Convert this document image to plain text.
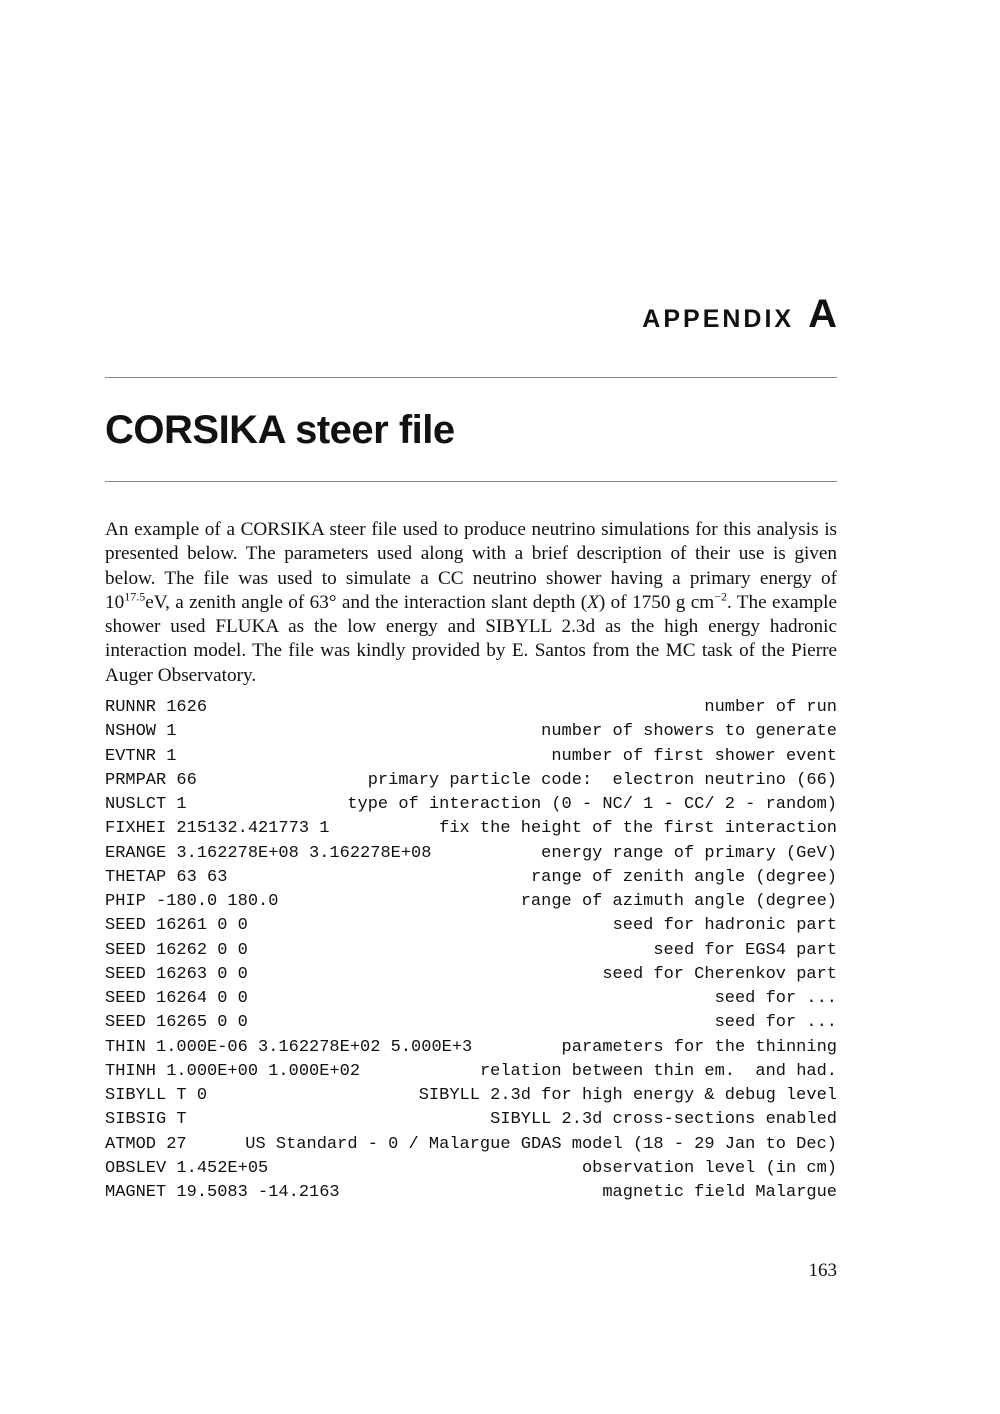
APPENDIX A
CORSIKA steer file

An example of a CORSIKA steer file used to produce neutrino simulations for this analysis is presented below. The parameters used along with a brief description of their use is given below. The file was used to simulate a CC neutrino shower having a primary energy of $10^{17.5}eV$, a zenith angle of 63° and the interaction slant depth (X) of 1750 g $cm^{-2}$. The example shower used FLUKA as the low energy and SIBYLL 2.3d as the high energy hadronic interaction model. The file was kindly provided by E. Santos from the MC task of the Pierre Auger Observatory.

RUNNR 1626	number of run
NSHOW 1	number of showers to generate
EVTNR 1	number of first shower event
PRMPAR 66	primary particle code:  electron neutrino (66)
NUSLCT 1	type of interaction (0 - NC/ 1 - CC/ 2 - random)
FIXHEI 215132.421773 1	fix the height of the first interaction
ERANGE 3.162278E+08 3.162278E+08	energy range of primary (GeV)
THETAP 63 63	range of zenith angle (degree)
PHIP -180.0 180.0	range of azimuth angle (degree)
SEED 16261 0 0	seed for hadronic part
SEED 16262 0 0	seed for EGS4 part
SEED 16263 0 0	seed for Cherenkov part
SEED 16264 0 0	seed for ...
SEED 16265 0 0	seed for ...
THIN 1.000E-06 3.162278E+02 5.000E+3	parameters for the thinning
THINH 1.000E+00 1.000E+02	relation between thin em.  and had.
SIBYLL T 0	SIBYLL 2.3d for high energy & debug level
SIBSIG T	SIBYLL 2.3d cross-sections enabled
ATMOD 27	US Standard - 0 / Malargue GDAS model (18 - 29 Jan to Dec)
OBSLEV 1.452E+05	observation level (in cm)
MAGNET 19.5083 -14.2163	magnetic field Malargue
163
